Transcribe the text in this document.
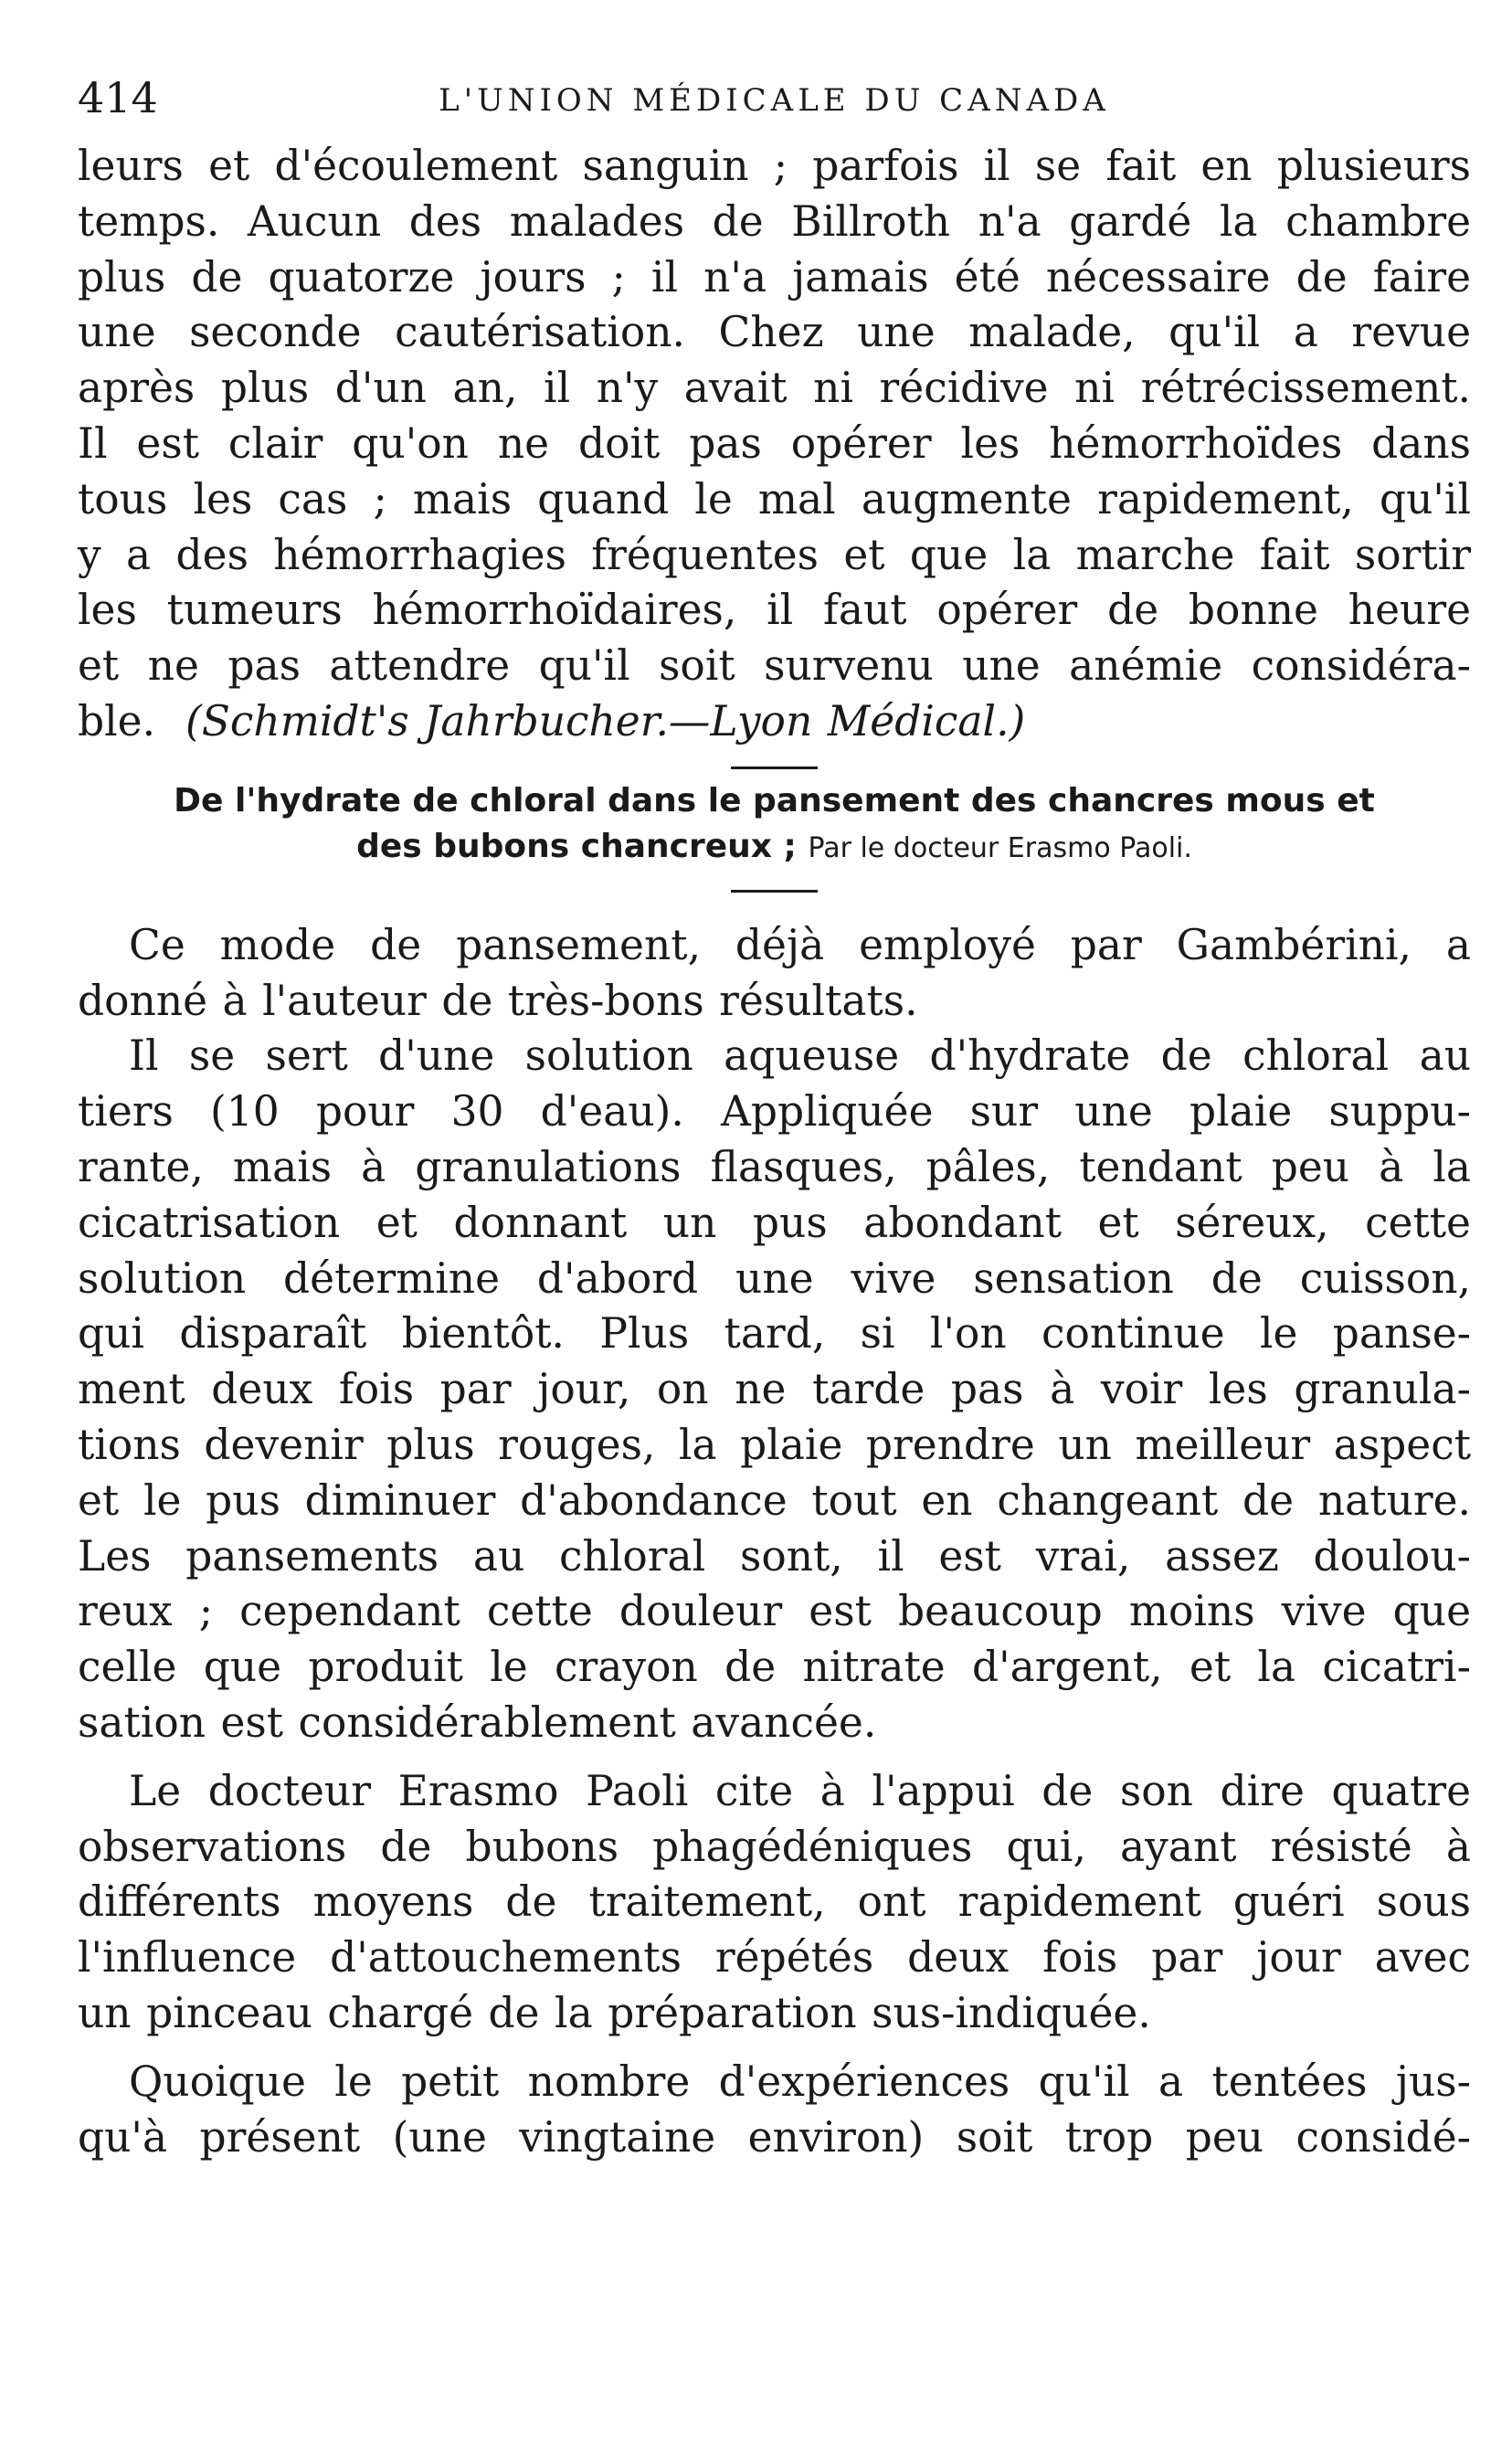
414	L'UNION MÉDICALE DU CANADA
leurs et d'écoulement sanguin ; parfois il se fait en plusieurs
temps. Aucun des malades de Billroth n'a gardé la chambre
plus de quatorze jours ; il n'a jamais été nécessaire de faire
une seconde cautérisation. Chez une malade, qu'il a revue
après plus d'un an, il n'y avait ni récidive ni rétrécissement.
Il est clair qu'on ne doit pas opérer les hémorrhoïdes dans
tous les cas ; mais quand le mal augmente rapidement, qu'il
y a des hémorrhagies fréquentes et que la marche fait sortir
les tumeurs hémorrhoïdaires, il faut opérer de bonne heure
et ne pas attendre qu'il soit survenu une anémie considéra-
ble. (Schmidt's Jahrbucher.—Lyon Médical.)
De l'hydrate de chloral dans le pansement des chancres mous et
des bubons chancreux ; Par le docteur Erasmo Paoli.
Ce mode de pansement, déjà employé par Gambérini, a
donné à l'auteur de très-bons résultats.
Il se sert d'une solution aqueuse d'hydrate de chloral au
tiers (10 pour 30 d'eau). Appliquée sur une plaie suppu-
rante, mais à granulations flasques, pâles, tendant peu à la
cicatrisation et donnant un pus abondant et séreux, cette
solution détermine d'abord une vive sensation de cuisson,
qui disparaît bientôt. Plus tard, si l'on continue le panse-
ment deux fois par jour, on ne tarde pas à voir les granula-
tions devenir plus rouges, la plaie prendre un meilleur aspect
et le pus diminuer d'abondance tout en changeant de nature.
Les pansements au chloral sont, il est vrai, assez doulou-
reux ; cependant cette douleur est beaucoup moins vive que
celle que produit le crayon de nitrate d'argent, et la cicatri-
sation est considérablement avancée.
Le docteur Erasmo Paoli cite à l'appui de son dire quatre
observations de bubons phagédéniques qui, ayant résisté à
différents moyens de traitement, ont rapidement guéri sous
l'influence d'attouchements répétés deux fois par jour avec
un pinceau chargé de la préparation sus-indiquée.
Quoique le petit nombre d'expériences qu'il a tentées jus-
qu'à présent (une vingtaine environ) soit trop peu considé-
